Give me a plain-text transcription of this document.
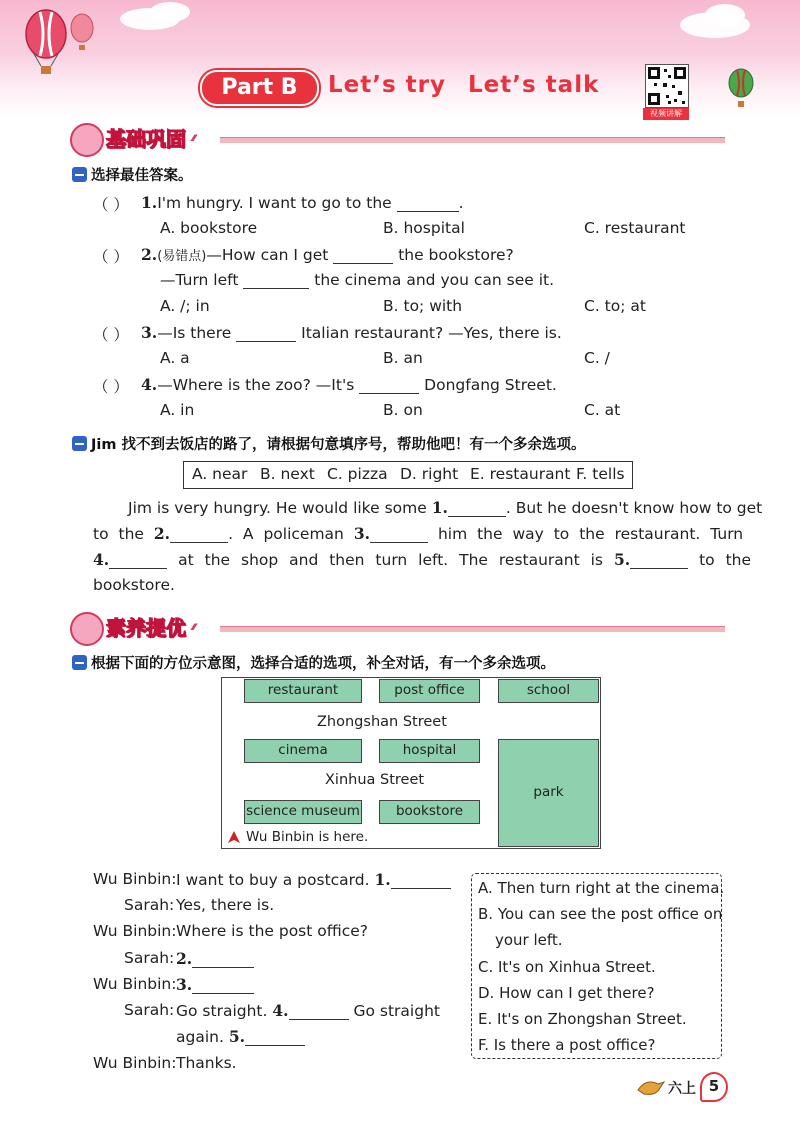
Part B	Let’s try Let’s talk
视频讲解
基础巩固 ⁄⁄⁄⁄⁄⁄
选择最佳答案。
（ ） 1.I'm hungry. I want to go to the	.
A. bookstore	B. hospital	C. restaurant
（ ） 2.(易错点)—How can I get	the bookstore?
—Turn left	the cinema and you can see it.
A. /; in	B. to; with	C. to; at
（ ） 3.—Is there	Italian restaurant? —Yes, there is.
A. a	B. an	C. /
（ ） 4.—Where is the zoo? —It's	Dongfang Street.
A. in	B. on	C. at
Jim 找不到去饭店的路了，请根据句意填序号，帮助他吧！有一个多余选项。
A. near B. next C. pizza D. right E. restaurant F. tells
Jim is very hungry. He would like some 1.	. But he doesn't know how to get
to the 2.	. A policeman 3.	him the way to the restaurant. Turn
4.	at the shop and then turn left. The restaurant is 5.	to the
bookstore.
素养提优 ⁄⁄⁄⁄⁄⁄
根据下面的方位示意图，选择合适的选项，补全对话，有一个多余选项。
restaurant	post office	school
Zhongshan Street
cinema	hospital
park
Xinhua Street
science museum	bookstore
Wu Binbin is here.
Wu Binbin: I want to buy a postcard. 1.
Sarah: Yes, there is.
Wu Binbin: Where is the post office?
Sarah: 2.
Wu Binbin: 3.
Sarah: Go straight. 4.	Go straight
again. 5.
Wu Binbin: Thanks.
A. Then turn right at the cinema.
B. You can see the post office on
your left.
C. It's on Xinhua Street.
D. How can I get there?
E. It's on Zhongshan Street.
F. Is there a post office?
六上 5
